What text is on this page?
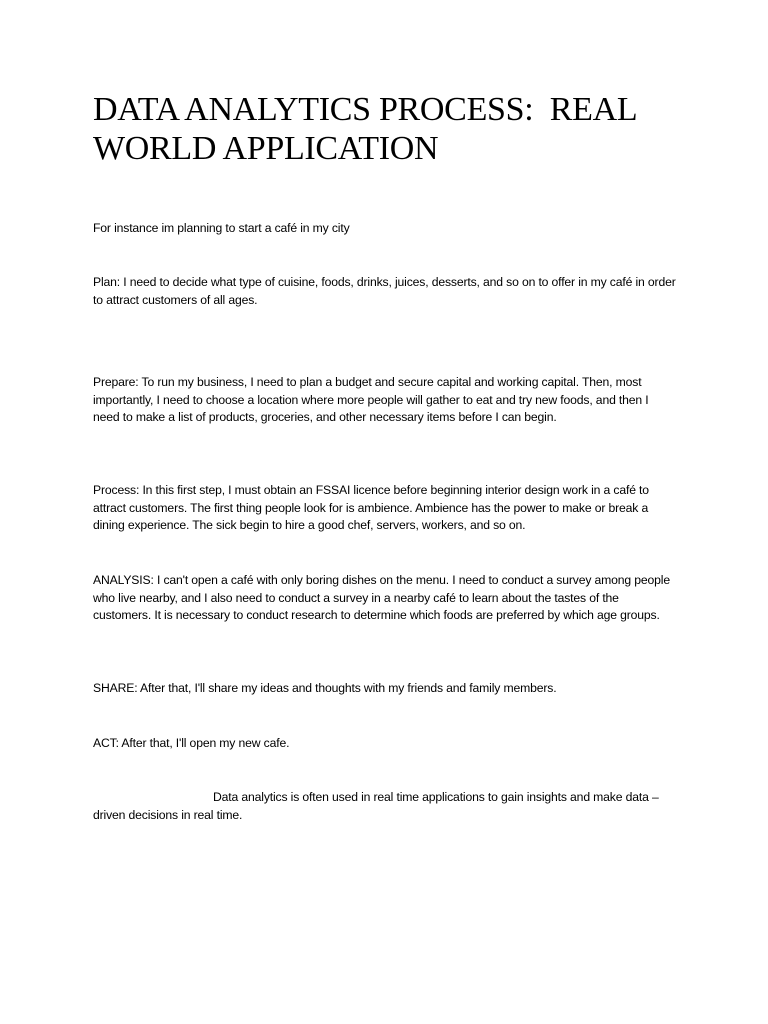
DATA ANALYTICS PROCESS:  REAL WORLD APPLICATION

For instance im planning to start a café in my city

Plan: I need to decide what type of cuisine, foods, drinks, juices, desserts, and so on to offer in my café in order to attract customers of all ages.

Prepare: To run my business, I need to plan a budget and secure capital and working capital. Then, most importantly, I need to choose a location where more people will gather to eat and try new foods, and then I need to make a list of products, groceries, and other necessary items before I can begin.

Process: In this first step, I must obtain an FSSAI licence before beginning interior design work in a café to attract customers. The first thing people look for is ambience. Ambience has the power to make or break a dining experience. The sick begin to hire a good chef, servers, workers, and so on.

ANALYSIS: I can't open a café with only boring dishes on the menu. I need to conduct a survey among people who live nearby, and I also need to conduct a survey in a nearby café to learn about the tastes of the customers. It is necessary to conduct research to determine which foods are preferred by which age groups.

SHARE: After that, I'll share my ideas and thoughts with my friends and family members.

ACT: After that, I'll open my new cafe.

Data analytics is often used in real time applications to gain insights and make data – driven decisions in real time.
